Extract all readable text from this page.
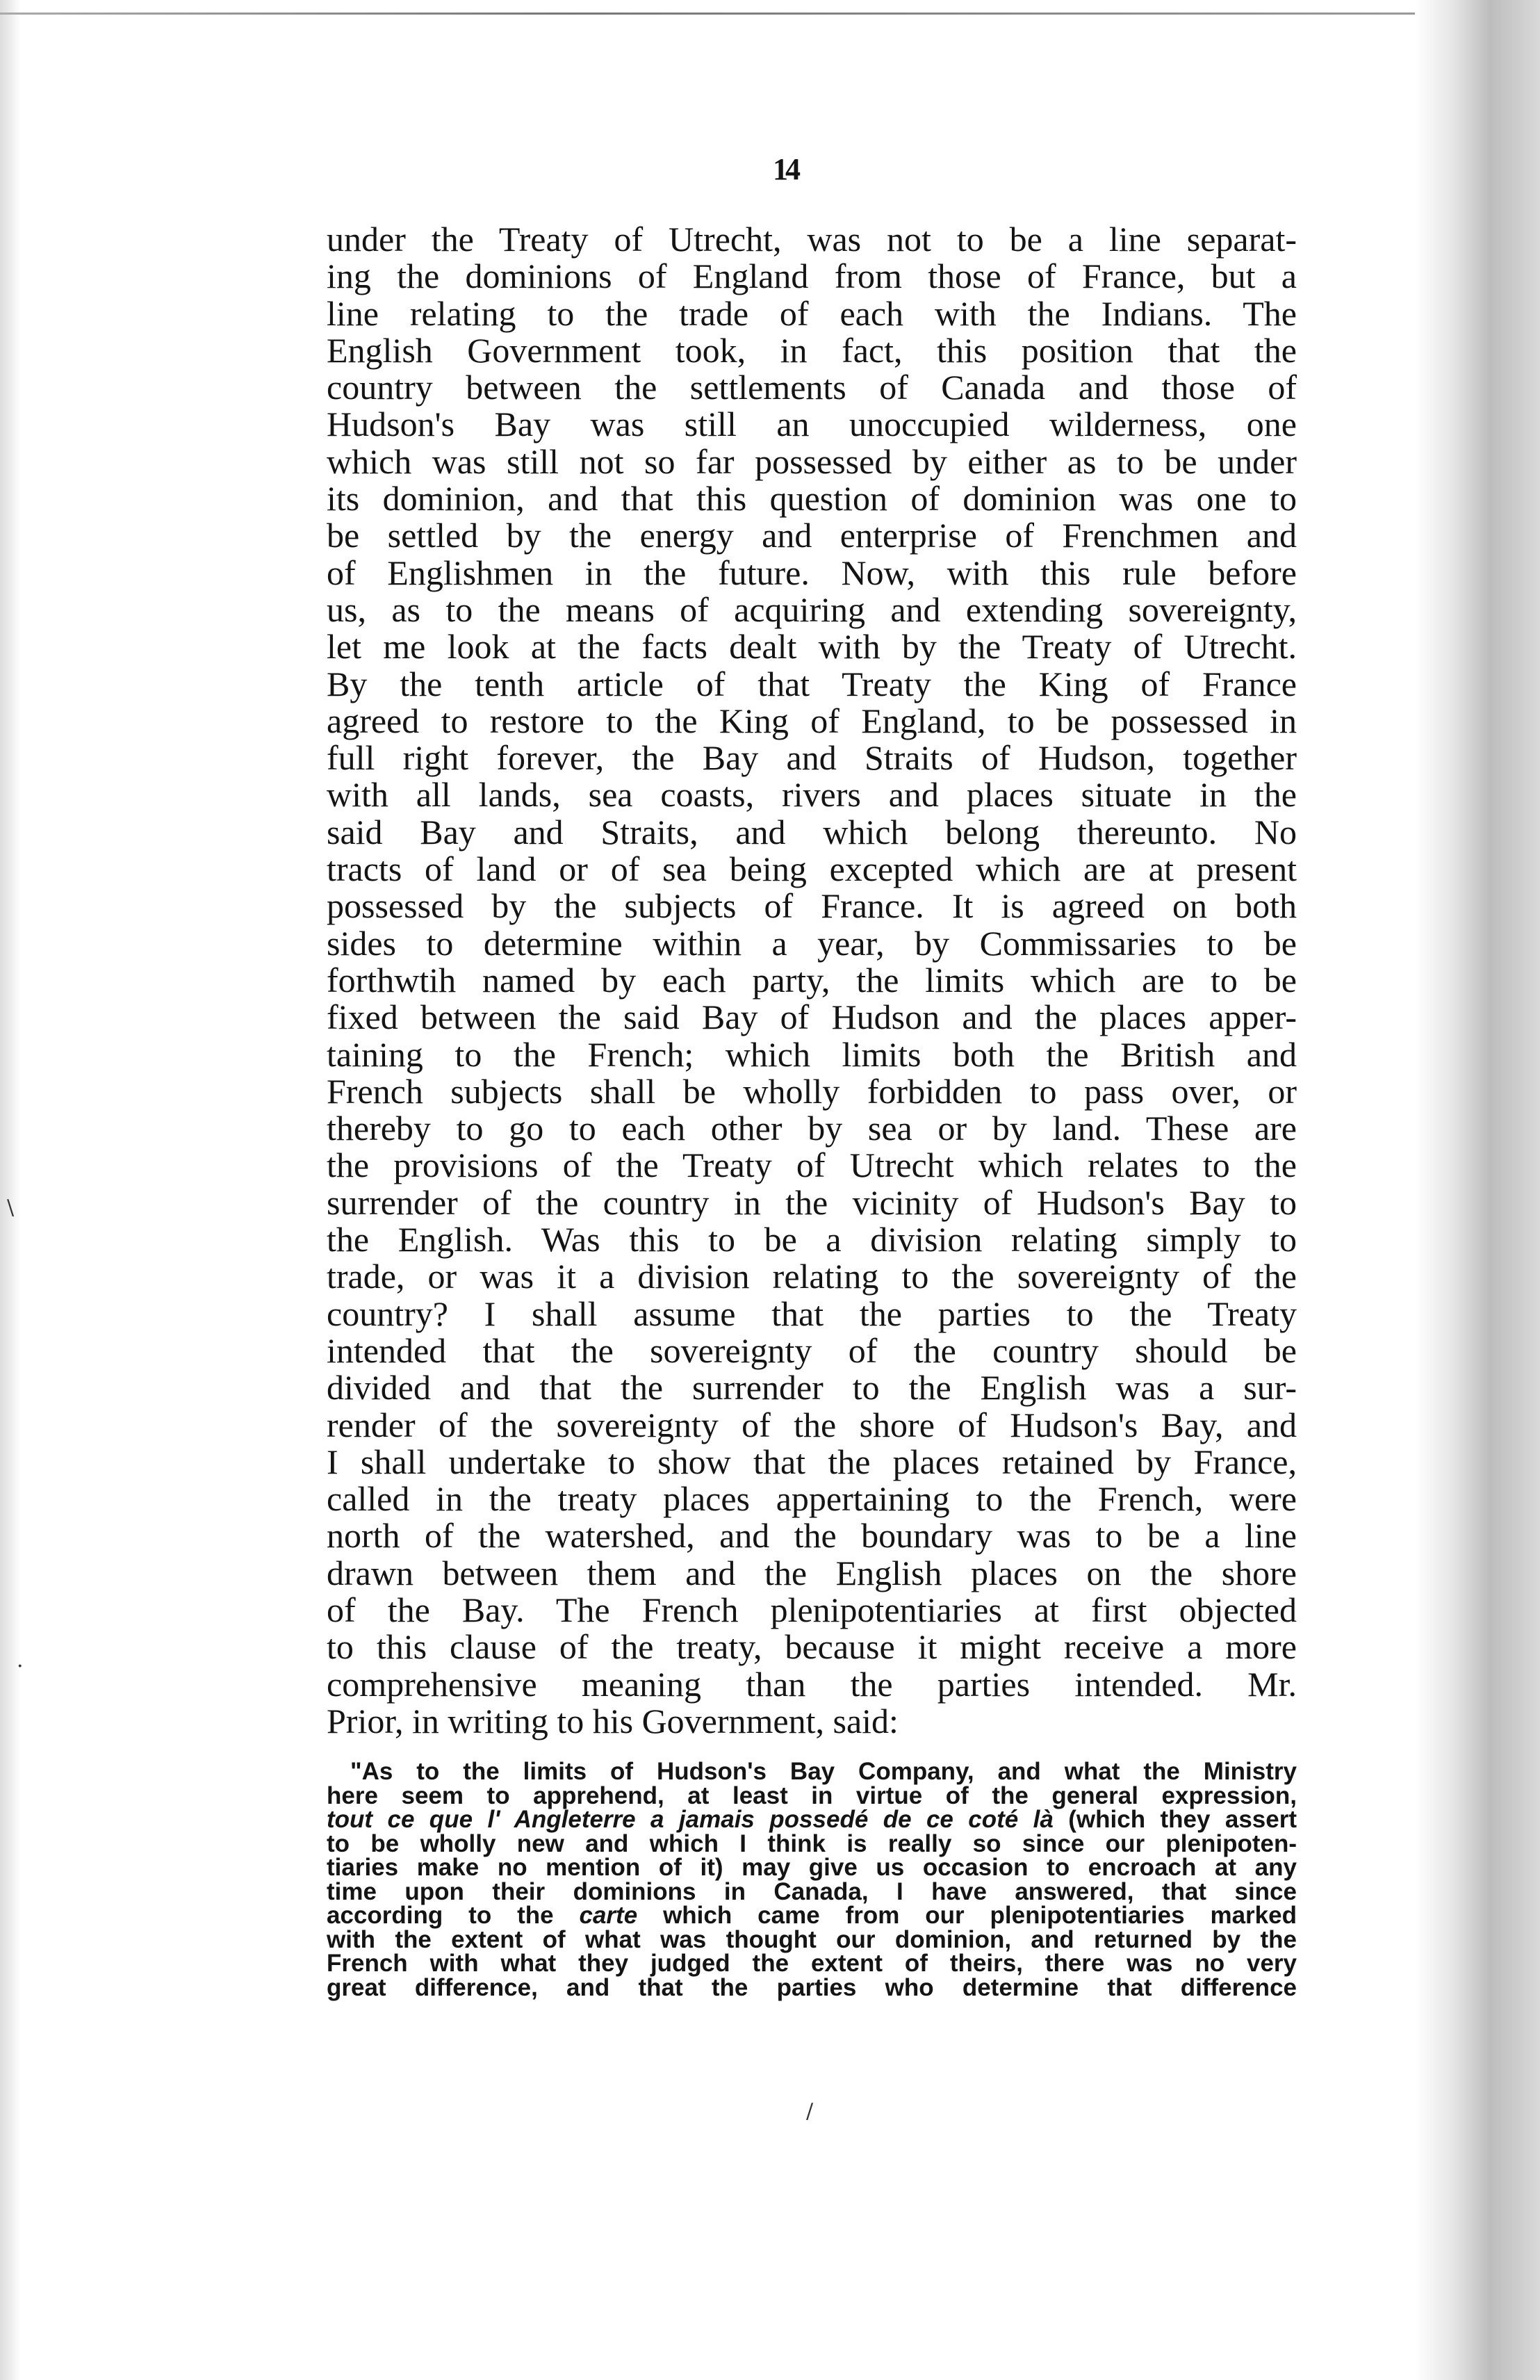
14
under the Treaty of Utrecht, was not to be a line separat-
ing the dominions of England from those of France, but a
line relating to the trade of each with the Indians. The
English Government took, in fact, this position that the
country between the settlements of Canada and those of
Hudson's Bay was still an unoccupied wilderness, one
which was still not so far possessed by either as to be under
its dominion, and that this question of dominion was one to
be settled by the energy and enterprise of Frenchmen and
of Englishmen in the future. Now, with this rule before
us, as to the means of acquiring and extending sovereignty,
let me look at the facts dealt with by the Treaty of Utrecht.
By the tenth article of that Treaty the King of France
agreed to restore to the King of England, to be possessed in
full right forever, the Bay and Straits of Hudson, together
with all lands, sea coasts, rivers and places situate in the
said Bay and Straits, and which belong thereunto. No
tracts of land or of sea being excepted which are at present
possessed by the subjects of France. It is agreed on both
sides to determine within a year, by Commissaries to be
forthwtih named by each party, the limits which are to be
fixed between the said Bay of Hudson and the places apper-
taining to the French; which limits both the British and
French subjects shall be wholly forbidden to pass over, or
thereby to go to each other by sea or by land. These are
the provisions of the Treaty of Utrecht which relates to the
surrender of the country in the vicinity of Hudson's Bay to
the English. Was this to be a division relating simply to
trade, or was it a division relating to the sovereignty of the
country? I shall assume that the parties to the Treaty
intended that the sovereignty of the country should be
divided and that the surrender to the English was a sur-
render of the sovereignty of the shore of Hudson's Bay, and
I shall undertake to show that the places retained by France,
called in the treaty places appertaining to the French, were
north of the watershed, and the boundary was to be a line
drawn between them and the English places on the shore
of the Bay. The French plenipotentiaries at first objected
to this clause of the treaty, because it might receive a more
comprehensive meaning than the parties intended. Mr.
Prior, in writing to his Government, said:
"As to the limits of Hudson's Bay Company, and what the Ministry
here seem to apprehend, at least in virtue of the general expression,
tout ce que l' Angleterre a jamais possedé de ce coté là (which they assert
to be wholly new and which I think is really so since our plenipoten-
tiaries make no mention of it) may give us occasion to encroach at any
time upon their dominions in Canada, I have answered, that since
according to the carte which came from our plenipotentiaries marked
with the extent of what was thought our dominion, and returned by the
French with what they judged the extent of theirs, there was no very
great difference, and that the parties who determine that difference
\
·
/
